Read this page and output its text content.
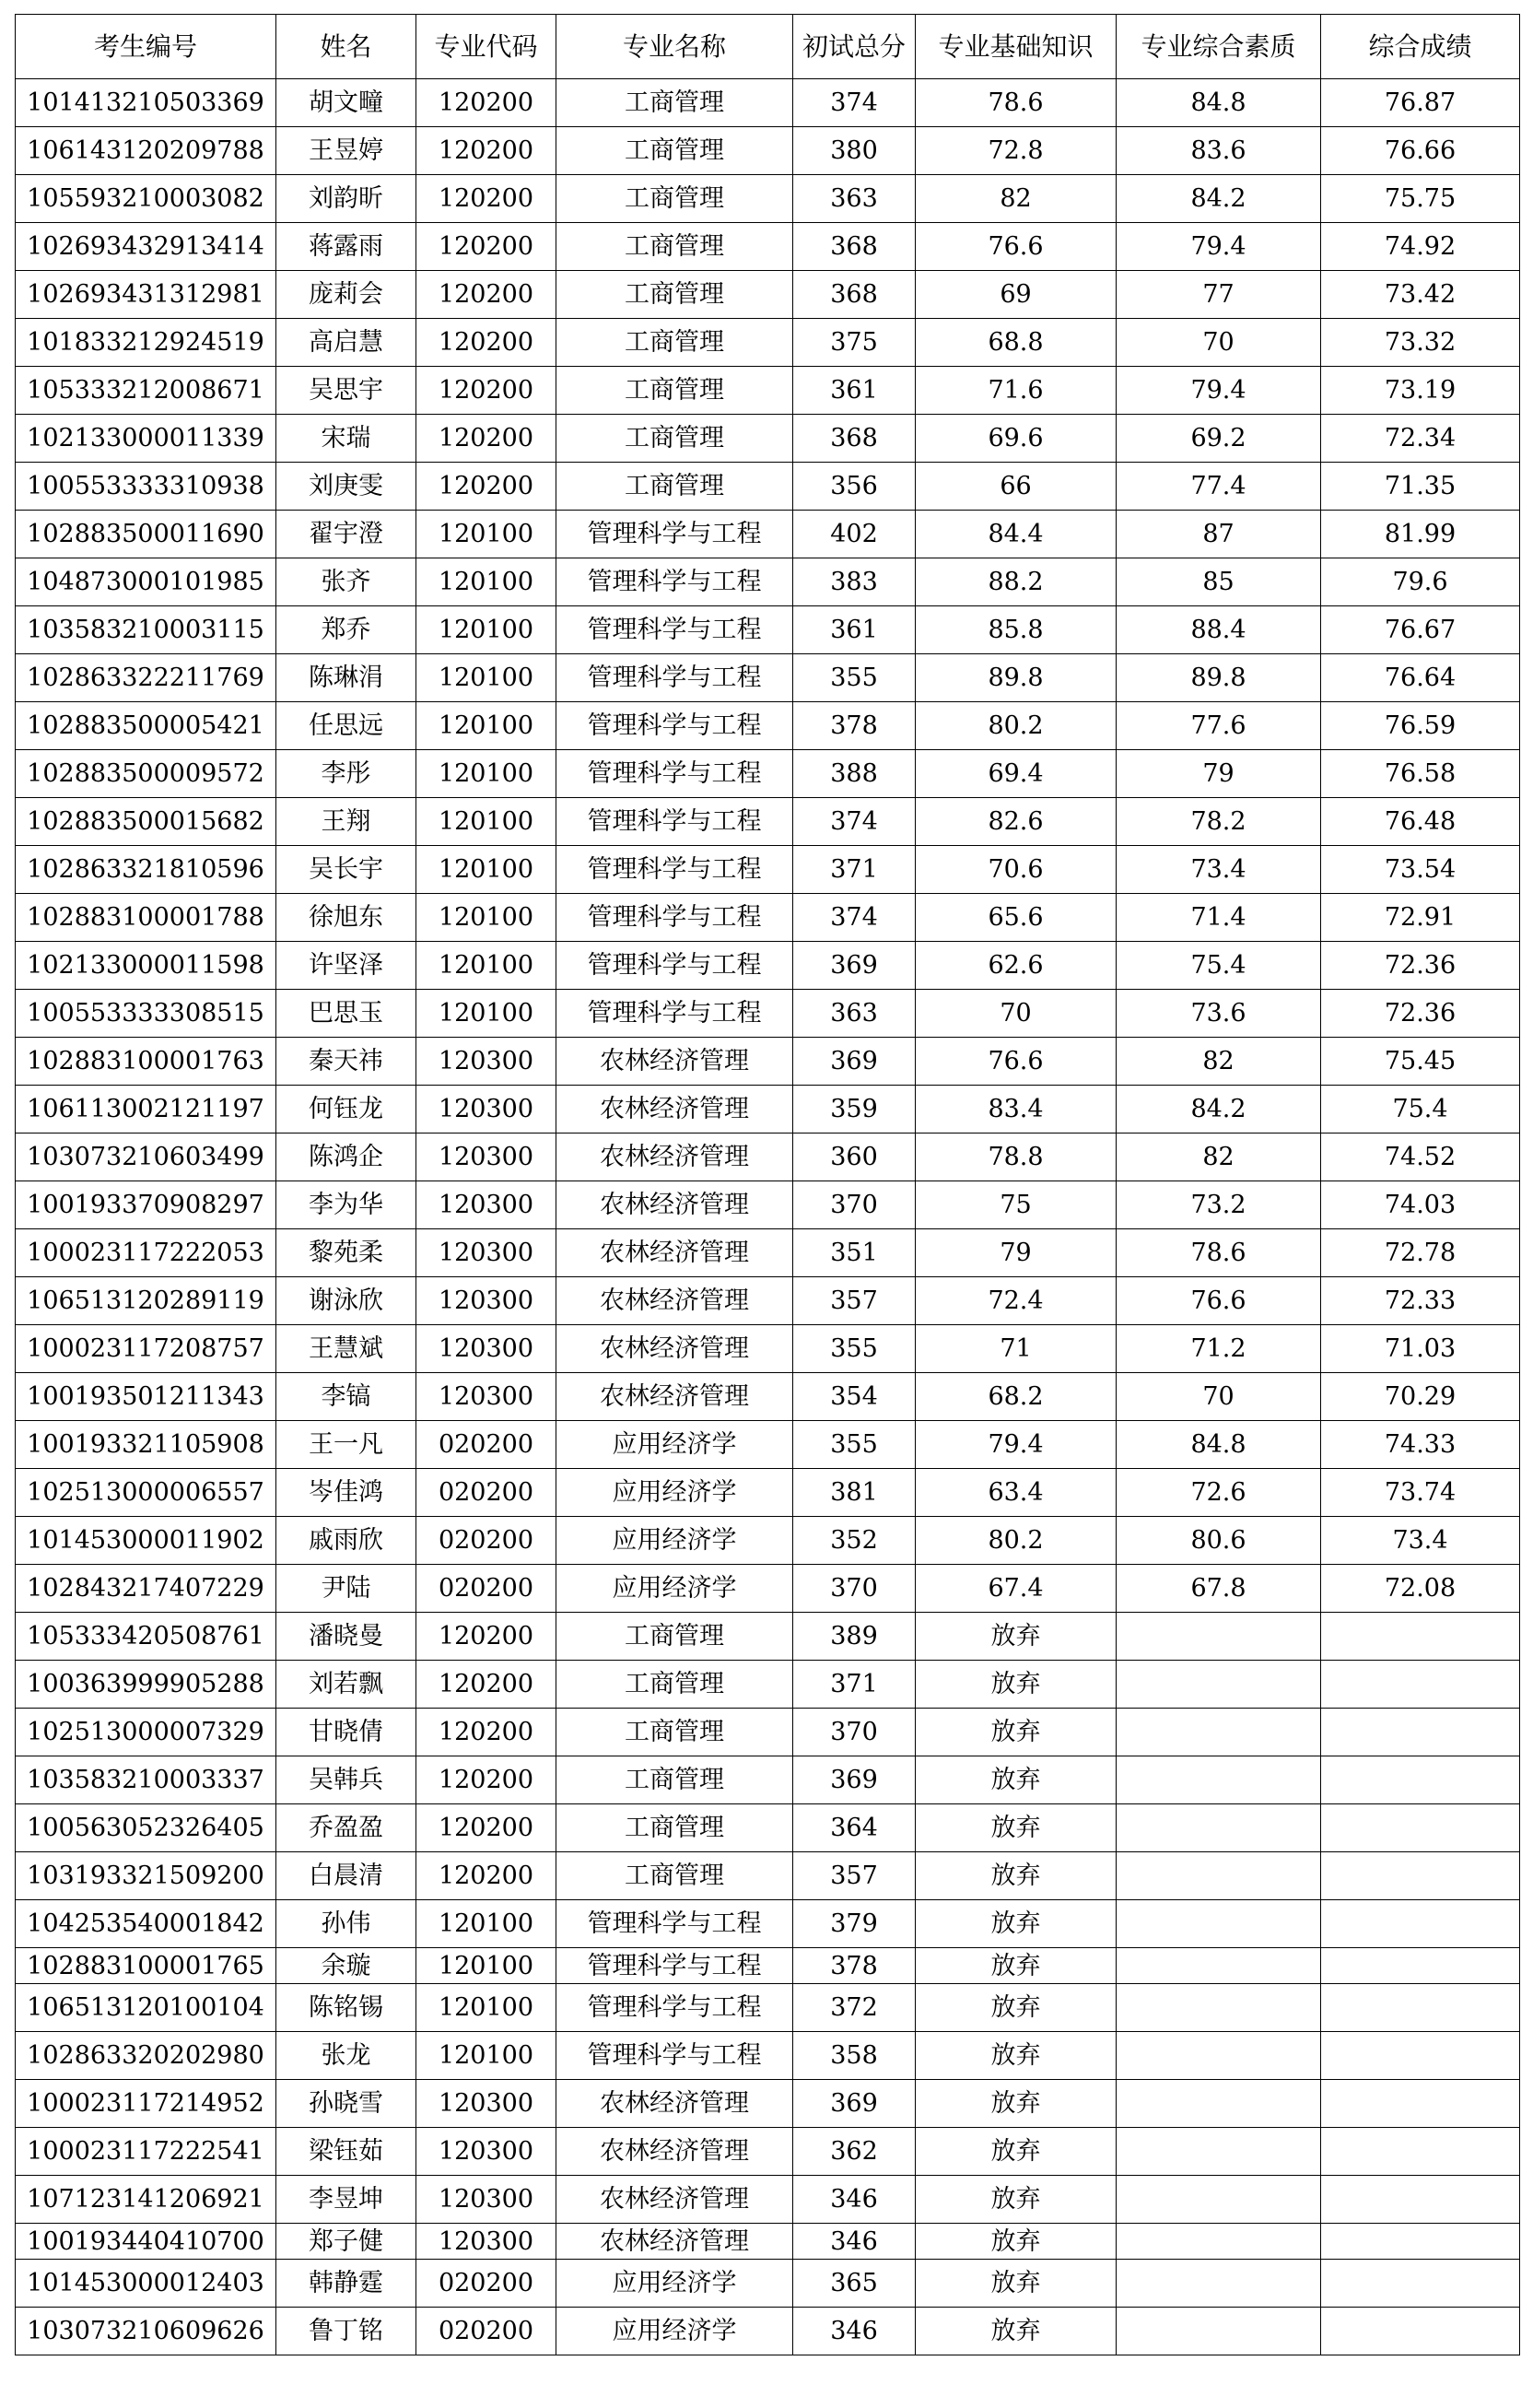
考生编号	姓名	专业代码	专业名称	初试总分	专业基础知识	专业综合素质	综合成绩
101413210503369	胡文疃	120200	工商管理	374	78.6	84.8	76.87
106143120209788	王昱婷	120200	工商管理	380	72.8	83.6	76.66
105593210003082	刘韵昕	120200	工商管理	363	82	84.2	75.75
102693432913414	蒋露雨	120200	工商管理	368	76.6	79.4	74.92
102693431312981	庞莉会	120200	工商管理	368	69	77	73.42
101833212924519	高启慧	120200	工商管理	375	68.8	70	73.32
105333212008671	吴思宇	120200	工商管理	361	71.6	79.4	73.19
102133000011339	宋瑞	120200	工商管理	368	69.6	69.2	72.34
100553333310938	刘庚雯	120200	工商管理	356	66	77.4	71.35
102883500011690	翟宇澄	120100	管理科学与工程	402	84.4	87	81.99
104873000101985	张齐	120100	管理科学与工程	383	88.2	85	79.6
103583210003115	郑乔	120100	管理科学与工程	361	85.8	88.4	76.67
102863322211769	陈琳涓	120100	管理科学与工程	355	89.8	89.8	76.64
102883500005421	任思远	120100	管理科学与工程	378	80.2	77.6	76.59
102883500009572	李彤	120100	管理科学与工程	388	69.4	79	76.58
102883500015682	王翔	120100	管理科学与工程	374	82.6	78.2	76.48
102863321810596	吴长宇	120100	管理科学与工程	371	70.6	73.4	73.54
102883100001788	徐旭东	120100	管理科学与工程	374	65.6	71.4	72.91
102133000011598	许坚泽	120100	管理科学与工程	369	62.6	75.4	72.36
100553333308515	巴思玉	120100	管理科学与工程	363	70	73.6	72.36
102883100001763	秦天祎	120300	农林经济管理	369	76.6	82	75.45
106113002121197	何钰龙	120300	农林经济管理	359	83.4	84.2	75.4
103073210603499	陈鸿企	120300	农林经济管理	360	78.8	82	74.52
100193370908297	李为华	120300	农林经济管理	370	75	73.2	74.03
100023117222053	黎苑柔	120300	农林经济管理	351	79	78.6	72.78
106513120289119	谢泳欣	120300	农林经济管理	357	72.4	76.6	72.33
100023117208757	王慧斌	120300	农林经济管理	355	71	71.2	71.03
100193501211343	李镐	120300	农林经济管理	354	68.2	70	70.29
100193321105908	王一凡	020200	应用经济学	355	79.4	84.8	74.33
102513000006557	岑佳鸿	020200	应用经济学	381	63.4	72.6	73.74
101453000011902	戚雨欣	020200	应用经济学	352	80.2	80.6	73.4
102843217407229	尹陆	020200	应用经济学	370	67.4	67.8	72.08
105333420508761	潘晓曼	120200	工商管理	389	放弃		
100363999905288	刘若飘	120200	工商管理	371	放弃		
102513000007329	甘晓倩	120200	工商管理	370	放弃		
103583210003337	吴韩兵	120200	工商管理	369	放弃		
100563052326405	乔盈盈	120200	工商管理	364	放弃		
103193321509200	白晨清	120200	工商管理	357	放弃		
104253540001842	孙伟	120100	管理科学与工程	379	放弃		
102883100001765	余璇	120100	管理科学与工程	378	放弃		
106513120100104	陈铭锡	120100	管理科学与工程	372	放弃		
102863320202980	张龙	120100	管理科学与工程	358	放弃		
100023117214952	孙晓雪	120300	农林经济管理	369	放弃		
100023117222541	梁钰茹	120300	农林经济管理	362	放弃		
107123141206921	李昱坤	120300	农林经济管理	346	放弃		
100193440410700	郑子健	120300	农林经济管理	346	放弃		
101453000012403	韩静霆	020200	应用经济学	365	放弃		
103073210609626	鲁丁铭	020200	应用经济学	346	放弃		
